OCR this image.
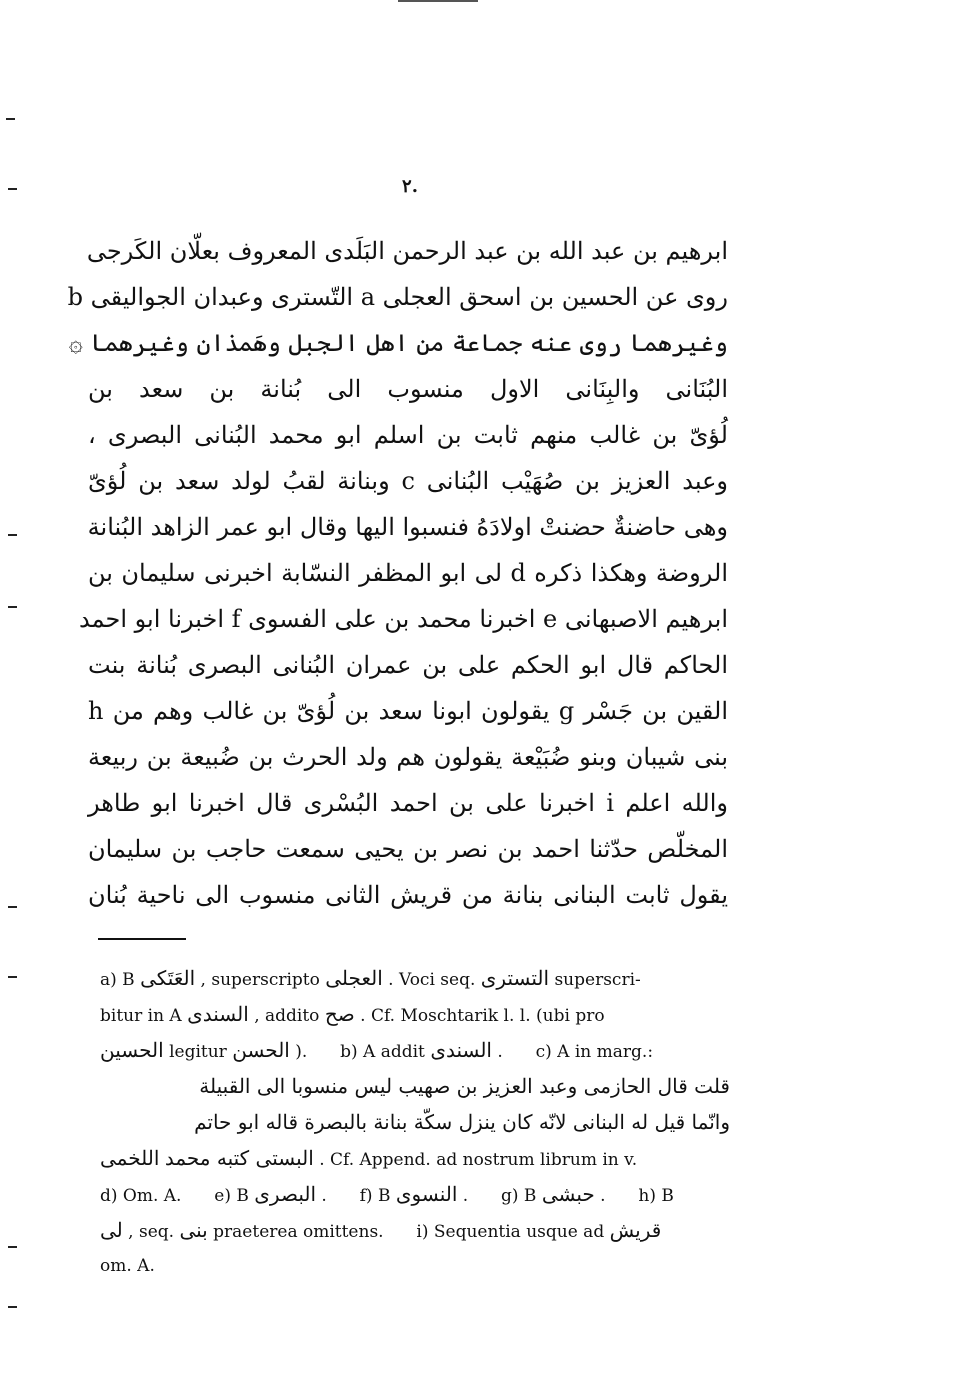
٢.
ابرهيم بن عبد الله بن عبد الرحمن البَلَدى المعروف بعلّان الكَرجى
روى عن الحسين بن اسحق العجلى a التّسترى وعبدان الجواليقى b
وغيرهما روى عنه جماعة من اهل الجبل وهَمذان وغيرهما ۞
البُنَانى والبِنَانى الاول منسوب الى بُنانة بن سعد بن
لُؤىّ بن غالب منهم ثابت بن اسلم ابو محمد البُنانى البصرى ،
وعبد العزيز بن صُهَيْب البُنانى c وبنانة لقبُ لولد سعد بن لُؤىّ
وهى حاضنةٌ حضنتْ اولادَهُ فنسبوا اليها وقال ابو عمر الزاهد البُنانة
الروضة وهكذا ذكره d لى ابو المظفر النسّابة اخبرنى سليمان بن
ابرهيم الاصبهانى e اخبرنا محمد بن على الفسوى f اخبرنا ابو احمد
الحاكم قال ابو الحكم على بن عمران البُنانى البصرى بُنانة بنت
القين بن جَسْر g يقولون ابونا سعد بن لُؤىّ بن غالب وهم من h
بنى شيبان وبنو ضُبَيْعة يقولون هم ولد الحرث بن ضُبيعة بن ربيعة
والله اعلم i اخبرنا على بن احمد البُسْرى قال اخبرنا ابو طاهر
المخلّص حدّثنا احمد بن نصر بن يحيى سمعت حاجب بن سليمان
يقول ثابت البنانى بنانة من قريش الثانى منسوب الى ناحية بُنان
a) B العَتَكى , superscripto العجلى . Voci seq. التسترى superscri-
bitur in A السندى , addito صح . Cf. Moschtarik l. l. (ubi pro
الحسين legitur الحسن ). b) A addit السندى . c) A in marg.:
قلت قال الحازمى وعبد العزيز بن صهيب ليس منسوبا الى القبيلة
وانّما قيل له البنانى لانّه كان ينزل سكّة بنانة بالبصرة قاله ابو حاتم
اللخمى البستى كتبه محمد . Cf. Append. ad nostrum librum in v.
d) Om. A. e) B البصرى . f) B النسوى . g) B حبشى . h) B
لى , seq. بنى praeterea omittens. i) Sequentia usque ad قريش
om. A.
